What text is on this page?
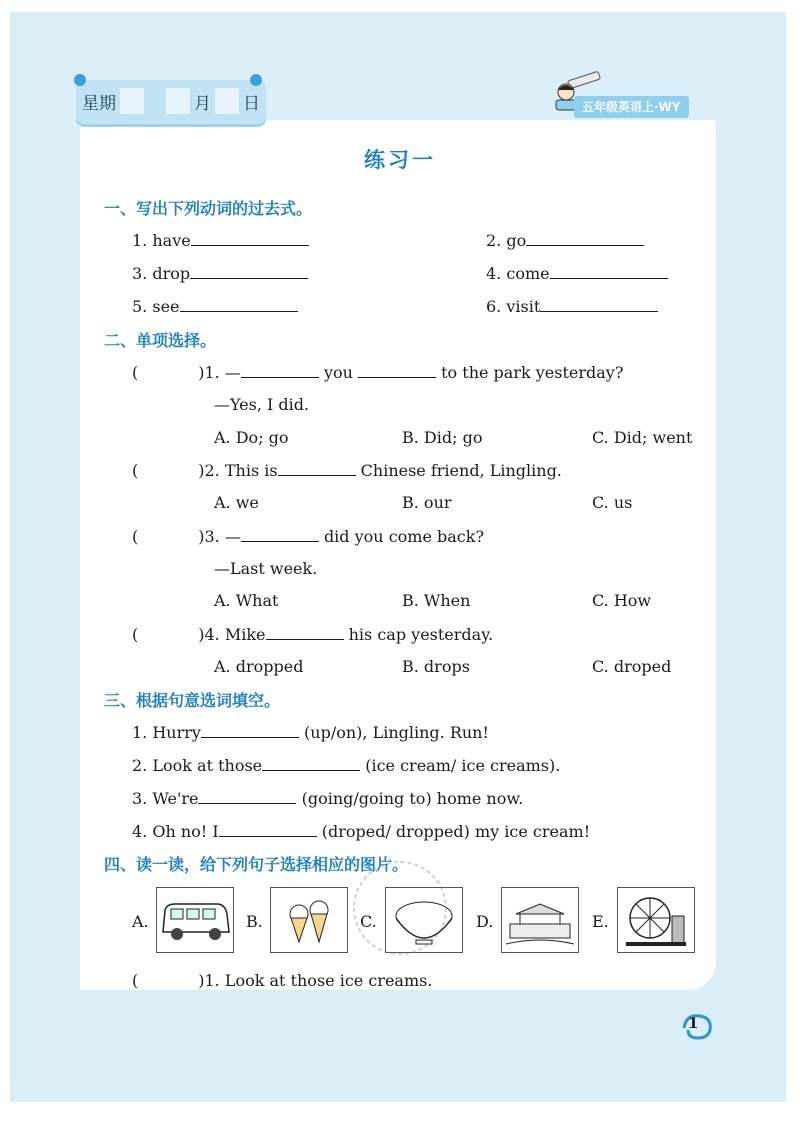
星期	月 日	五年级英语上·WY
练习一
一、写出下列动词的过去式。
1. have	2. go
3. drop	4. come
5. see	6. visit
二、单项选择。
(	)1. —	you	to the park yesterday?
—Yes, I did.
A. Do; go	B. Did; go	C. Did; went
(	)2. This is	Chinese friend, Lingling.
A. we	B. our	C. us
(	)3. —	did you come back?
—Last week.
A. What	B. When	C. How
(	)4. Mike	his cap yesterday.
A. dropped	B. drops	C. droped
三、根据句意选词填空。
1. Hurry	(up/on), Lingling. Run!
2. Look at those	(ice cream/ ice creams).
3. We're	(going/going to) home now.
4. Oh no! I	(droped/ dropped) my ice cream!
四、读一读，给下列句子选择相应的图片。
A.	B.	C.	D.	E.
(	)1. Look at those ice creams.
1
